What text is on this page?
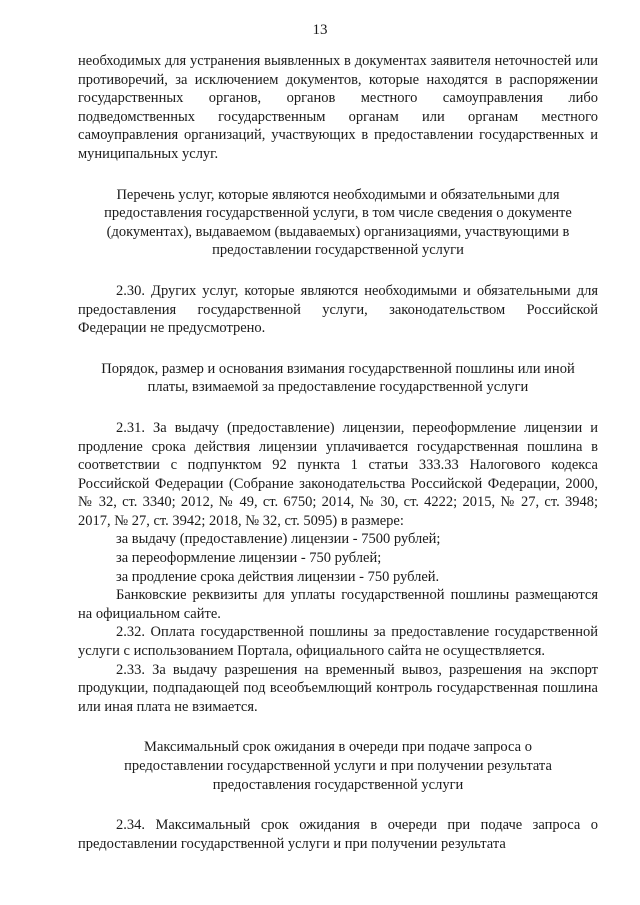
13

необходимых для устранения выявленных в документах заявителя неточностей или противоречий, за исключением документов, которые находятся в распоряжении государственных органов, органов местного самоуправления либо подведомственных государственным органам или органам местного самоуправления организаций, участвующих в предоставлении государственных и муниципальных услуг.

Перечень услуг, которые являются необходимыми и обязательными для предоставления государственной услуги, в том числе сведения о документе (документах), выдаваемом (выдаваемых) организациями, участвующими в предоставлении государственной услуги

2.30. Других услуг, которые являются необходимыми и обязательными для предоставления государственной услуги, законодательством Российской Федерации не предусмотрено.

Порядок, размер и основания взимания государственной пошлины или иной платы, взимаемой за предоставление государственной услуги

2.31. За выдачу (предоставление) лицензии, переоформление лицензии и продление срока действия лицензии уплачивается государственная пошлина в соответствии с подпунктом 92 пункта 1 статьи 333.33 Налогового кодекса Российской Федерации (Собрание законодательства Российской Федерации, 2000, № 32, ст. 3340; 2012, № 49, ст. 6750; 2014, № 30, ст. 4222; 2015, № 27, ст. 3948; 2017, № 27, ст. 3942; 2018, № 32, ст. 5095) в размере:

за выдачу (предоставление) лицензии - 7500 рублей;

за переоформление лицензии - 750 рублей;

за продление срока действия лицензии - 750 рублей.

Банковские реквизиты для уплаты государственной пошлины размещаются на официальном сайте.

2.32. Оплата государственной пошлины за предоставление государственной услуги с использованием Портала, официального сайта не осуществляется.

2.33. За выдачу разрешения на временный вывоз, разрешения на экспорт продукции, подпадающей под всеобъемлющий контроль государственная пошлина или иная плата не взимается.

Максимальный срок ожидания в очереди при подаче запроса о предоставлении государственной услуги и при получении результата предоставления государственной услуги

2.34. Максимальный срок ожидания в очереди при подаче запроса о предоставлении государственной услуги и при получении результата
